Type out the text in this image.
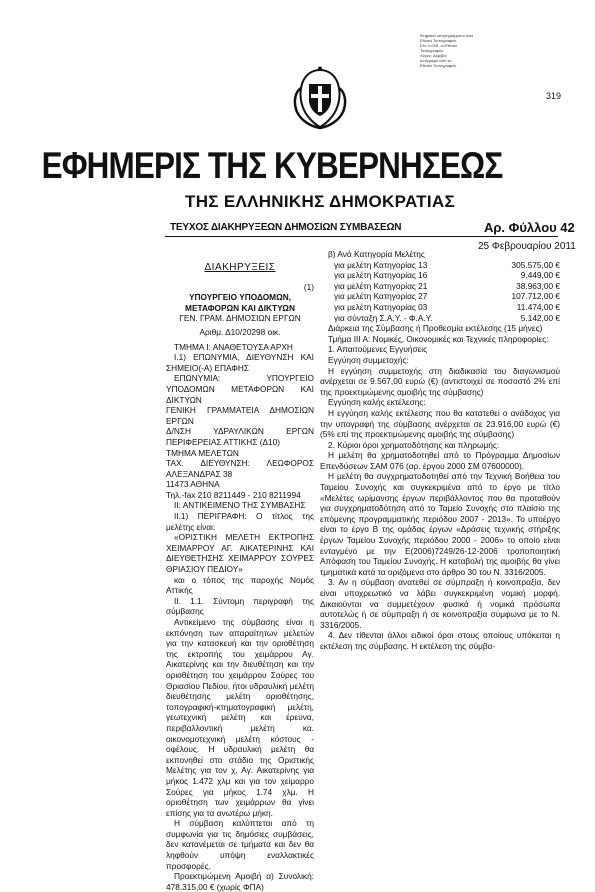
Ψηφιακά υπογεγραμμένο από
Εθνικό Τυπογραφείο
DN: c=GR, o=Εθνικό
Τυπογραφείο
Λόγος: Ακριβές
αντίγραφο από το
Εθνικό Τυπογραφείο
319
ΕΦΗΜΕΡΙΣ ΤΗΣ ΚΥΒΕΡΝΗΣΕΩΣ
ΤΗΣ ΕΛΛΗΝΙΚΗΣ ΔΗΜΟΚΡΑΤΙΑΣ
ΤΕΥΧΟΣ ΔΙΑΚΗΡΥΞΕΩΝ ΔΗΜΟΣΙΩΝ ΣΥΜΒΑΣΕΩΝ	Αρ. Φύλλου 42
25 Φεβρουαρίου 2011

ΔΙΑΚΗΡΥΞΕΙΣ

(1)

ΥΠΟΥΡΓΕΙΟ ΥΠΟΔΟΜΩΝ, ΜΕΤΑΦΟΡΩΝ ΚΑΙ ΔΙΚΤΥΩΝ

ΓΕΝ. ΓΡΑΜ. ΔΗΜΟΣΙΩΝ ΕΡΓΩΝ

Αριθμ. Δ10/20298 οικ.

ΤΜΗΜΑ Ι: ΑΝΑΘΕΤΟΥΣΑ ΑΡΧΗ

Ι.1) ΕΠΩΝΥΜΙΑ, ΔΙΕΥΘΥΝΣΗ ΚΑΙ ΣΗΜΕΙΟ(-Α) ΕΠΑΦΗΣ

ΕΠΩΝΥΜΙΑ: ΥΠΟΥΡΓΕΙΟ ΥΠΟΔΟΜΩΝ ΜΕΤΑΦΟΡΩΝ ΚΑΙ ΔΙΚΤΥΩΝ

ΓΕΝΙΚΗ ΓΡΑΜΜΑΤΕΙΑ ΔΗΜΟΣΙΩΝ ΕΡΓΩΝ

Δ/ΝΣΗ ΥΔΡΑΥΛΙΚΩΝ ΕΡΓΩΝ ΠΕΡΙΦΕΡΕΙΑΣ ΑΤΤΙΚΗΣ (Δ10)

ΤΜΗΜΑ ΜΕΛΕΤΩΝ

ΤΑΧ. ΔΙΕΥΘΥΝΣΗ: ΛΕΩΦΟΡΟΣ ΑΛΕΞΑΝΔΡΑΣ 38

11473 ΑΘΗΝΑ

Τηλ.-fax 210 8211449 - 210 8211994

ΙΙ: ΑΝΤΙΚΕΙΜΕΝΟ ΤΗΣ ΣΥΜΒΑΣΗΣ

ΙΙ.1) ΠΕΡΙΓΡΑΦΗ: Ο τίτλος της μελέτης είναι:

«ΟΡΙΣΤΙΚΗ ΜΕΛΕΤΗ ΕΚΤΡΟΠΗΣ ΧΕΙΜΑΡΡΟΥ ΑΓ. ΑΙΚΑΤΕΡΙΝΗΣ ΚΑΙ ΔΙΕΥΘΕΤΗΣΗΣ ΧΕΙΜΑΡΡΟΥ ΣΟΥΡΕΣ ΘΡΙΑΣΙΟΥ ΠΕΔΙΟΥ»

και ο τόπος της παροχής Νομός Αττικής

ΙΙ. 1.1. Σύντομη περιγραφή της σύμβασης

Αντικείμενο της σύμβασης είναι η εκπόνηση των απαραίτητων μελετών για την κατασκευή και την οριοθέτηση της εκτροπής του χειμάρρου Αγ. Αικατερίνης και την διευθέτηση και την οριοθέτηση του χειμάρρου Σούρες του Θριασίου Πεδίου, ήτοι υδραυλική μελέτη διευθέτησης μελέτη οριοθέτησης, τοπογραφική-κτηματογραφική μελέτη, γεωτεχνική μελέτη και έρευνα, περιβαλλοντική μελέτη κα. οικονομοτεχνική μελέτη κόστους - οφέλους. Η υδραυλική μελέτη θα εκπονηθεί στο στάδιο της Οριστικής Μελέτης για τον χ. Αγ. Αικατερίνης για μήκος 1.472 χλμ και για τον χείμαρρο Σούρες για μήκος 1.74 χλμ. Η οριοθέτηση των χειμάρρων θα γίνει επίσης για τα ανωτέρω μήκη.

Η σύμβαση καλύπτεται από τη συμφωνία για τις δημόσιες συμβάσεις, δεν κατανέμεται σε τμήματα και δεν θα ληφθούν υπόψη εναλλακτικές προσφορές.

Προεκτιμώμενη Αμοιβή α) Συνολική: 478.315,00 € (χωρίς ΦΠΑ)

β) Ανά Κατηγορία Μελέτης

για μελέτη Κατηγορίας 13	305.575,00 €
για μελέτη Κατηγορίας 16	9.449,00 €
για μελέτη Κατηγορίας 21	38.963,00 €
για μελέτη Κατηγορίας 27	107.712,00 €
για μελέτη Κατηγορίας 03	11.474,00 €
για σύνταξη Σ.Α.Υ. - Φ.Α.Υ.	5.142,00 €

Διάρκεια της Σύμβασης ή Προθεσμία εκτέλεσης (15 μήνες)

Τμήμα ΙΙΙ Α: Νομικές, Οικονομικές και Τεχνικές πληροφορίες:

1. Απαιτούμενες Εγγυήσεις

Εγγύηση συμμετοχής:

Η εγγύηση συμμετοχής στη διαδικασία του διαγωνισμού ανέρχεται σε 9.567,00 ευρώ (€) (αντιστοιχεί σε ποσοστό 2% επί της προεκτιμώμενης αμοιβής της σύμβασης)

Εγγύηση καλής εκτέλεσης:

Η εγγύηση καλής εκτέλεσης που θα κατατεθεί ο ανάδοχος για την υπογραφή της σύμβασης ανέρχεται σε 23.916,00 ευρώ (€) (5% επί της προεκτιμώμενης αμοιβής της σύμβασης)

2. Κύριοι όροι χρηματοδότησης και πληρωμής:

Η μελέτη θα χρηματοδοτηθεί από το Πρόγραμμα Δημοσίων Επενδύσεων ΣΑΜ 076 (αρ. έργου 2000 ΣΜ 07600000).

Η μελέτη θα συγχρηματοδοτηθεί από την Τεχνική Βοήθεια του Ταμείου Συνοχής και συγκεκριμένα από το έργο με τίτλο «Μελέτες ωρίμανσης έργων περιβάλλοντος που θα προταθούν για συγχρηματοδότηση από το Ταμείο Συνοχής στο πλαίσιο της επόμενης προγραμματικής περιόδου 2007 - 2013». Το υποέργο είναι το έργο Β της ομάδας έργων «Δράσεις τεχνικής στήριξης έργων Ταμείου Συνοχής περιόδου 2000 - 2006» το οποίο είναι ενταγμένο με την Ε(2006)7249/26-12-2006 τροποποιητική Απόφαση του Ταμείου Συνοχής. Η καταβολή της αμοιβής θα γίνει τμηματικά κατά τα οριζόμενα στο άρθρο 30 του Ν. 3316/2005.

3. Αν η σύμβαση ανατεθεί σε σύμπραξη ή κοινοπραξία, δεν είναι υποχρεωτικό να λάβει συγκεκριμένη νομική μορφή. Δικαιούνται να συμμετέχουν φυσικά ή νομικά πρόσωπα αυτοτελώς ή σε σύμπραξη ή σε κοινοπραξία σύμφωνα με το Ν. 3316/2005.

4. Δεν τίθενται άλλοι ειδικοί όροι στους οποίους υπόκειται η εκτέλεση της σύμβασης. Η εκτέλεση της σύμβα-
